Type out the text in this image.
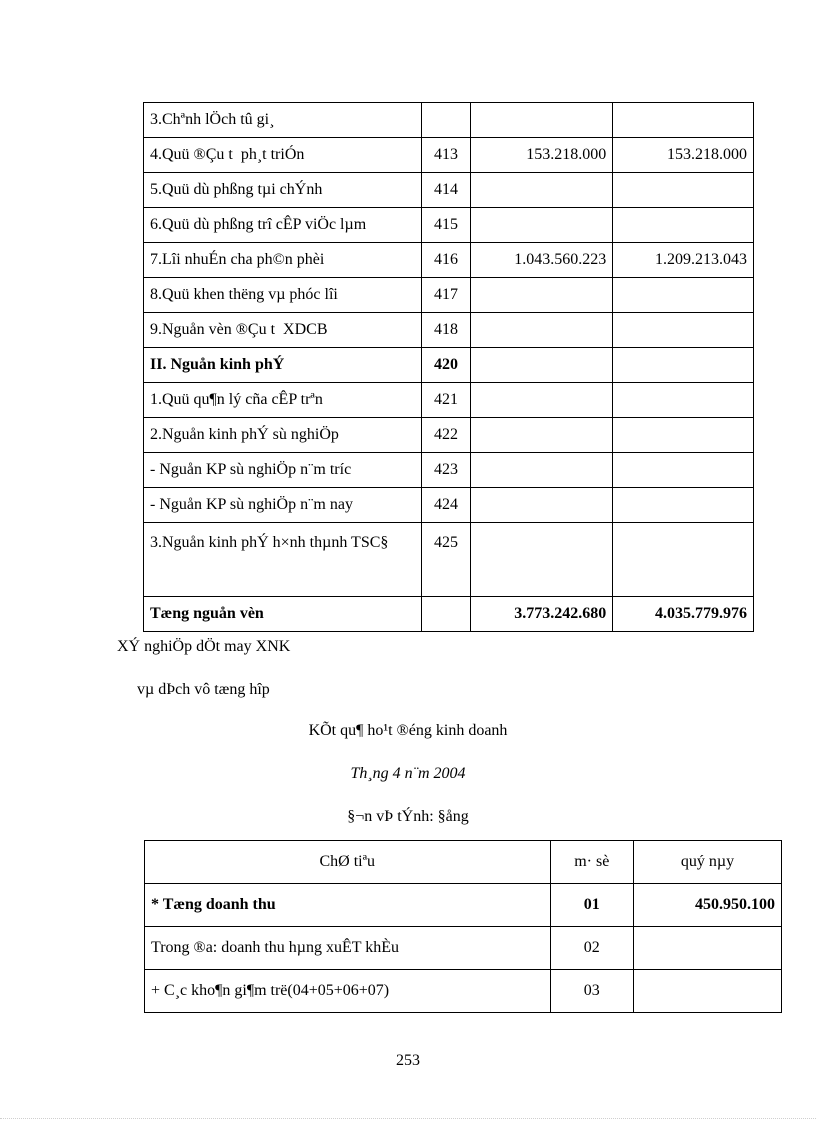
3.Chªnh lÖch tû gi¸			
4.Quü ®Çu t  ph¸t triÓn	413	153.218.000	153.218.000
5.Quü dù phßng tµi chÝnh	414		
6.Quü dù phßng trî cÊP viÖc lµm	415		
7.Lîi nhuÉn cha ph©n phèi	416	1.043.560.223	1.209.213.043
8.Quü khen thëng vµ phóc lîi	417		
9.Nguån vèn ®Çu t  XDCB	418		
II. Nguån kinh phÝ	420		
1.Quü qu¶n lý cña cÊP trªn	421		
2.Nguån kinh phÝ sù nghiÖp	422		
- Nguån KP sù nghiÖp n¨m tríc	423		
- Nguån KP sù nghiÖp n¨m nay	424		
3.Nguån kinh phÝ h×nh thµnh TSC§	425		
Tæng nguån vèn		3.773.242.680	4.035.779.976
XÝ nghiÖp dÖt may XNK
vµ dÞch vô tæng hîp
KÕt qu¶ ho¹t ®éng kinh doanh
Th¸ng 4 n¨m 2004
§¬n vÞ tÝnh: §ång
ChØ tiªu	m· sè	quý nµy
* Tæng doanh thu	01	450.950.100
Trong ®a: doanh thu hµng xuÊT khÈu	02	
+ C¸c kho¶n gi¶m trë(04+05+06+07)	03	
253
